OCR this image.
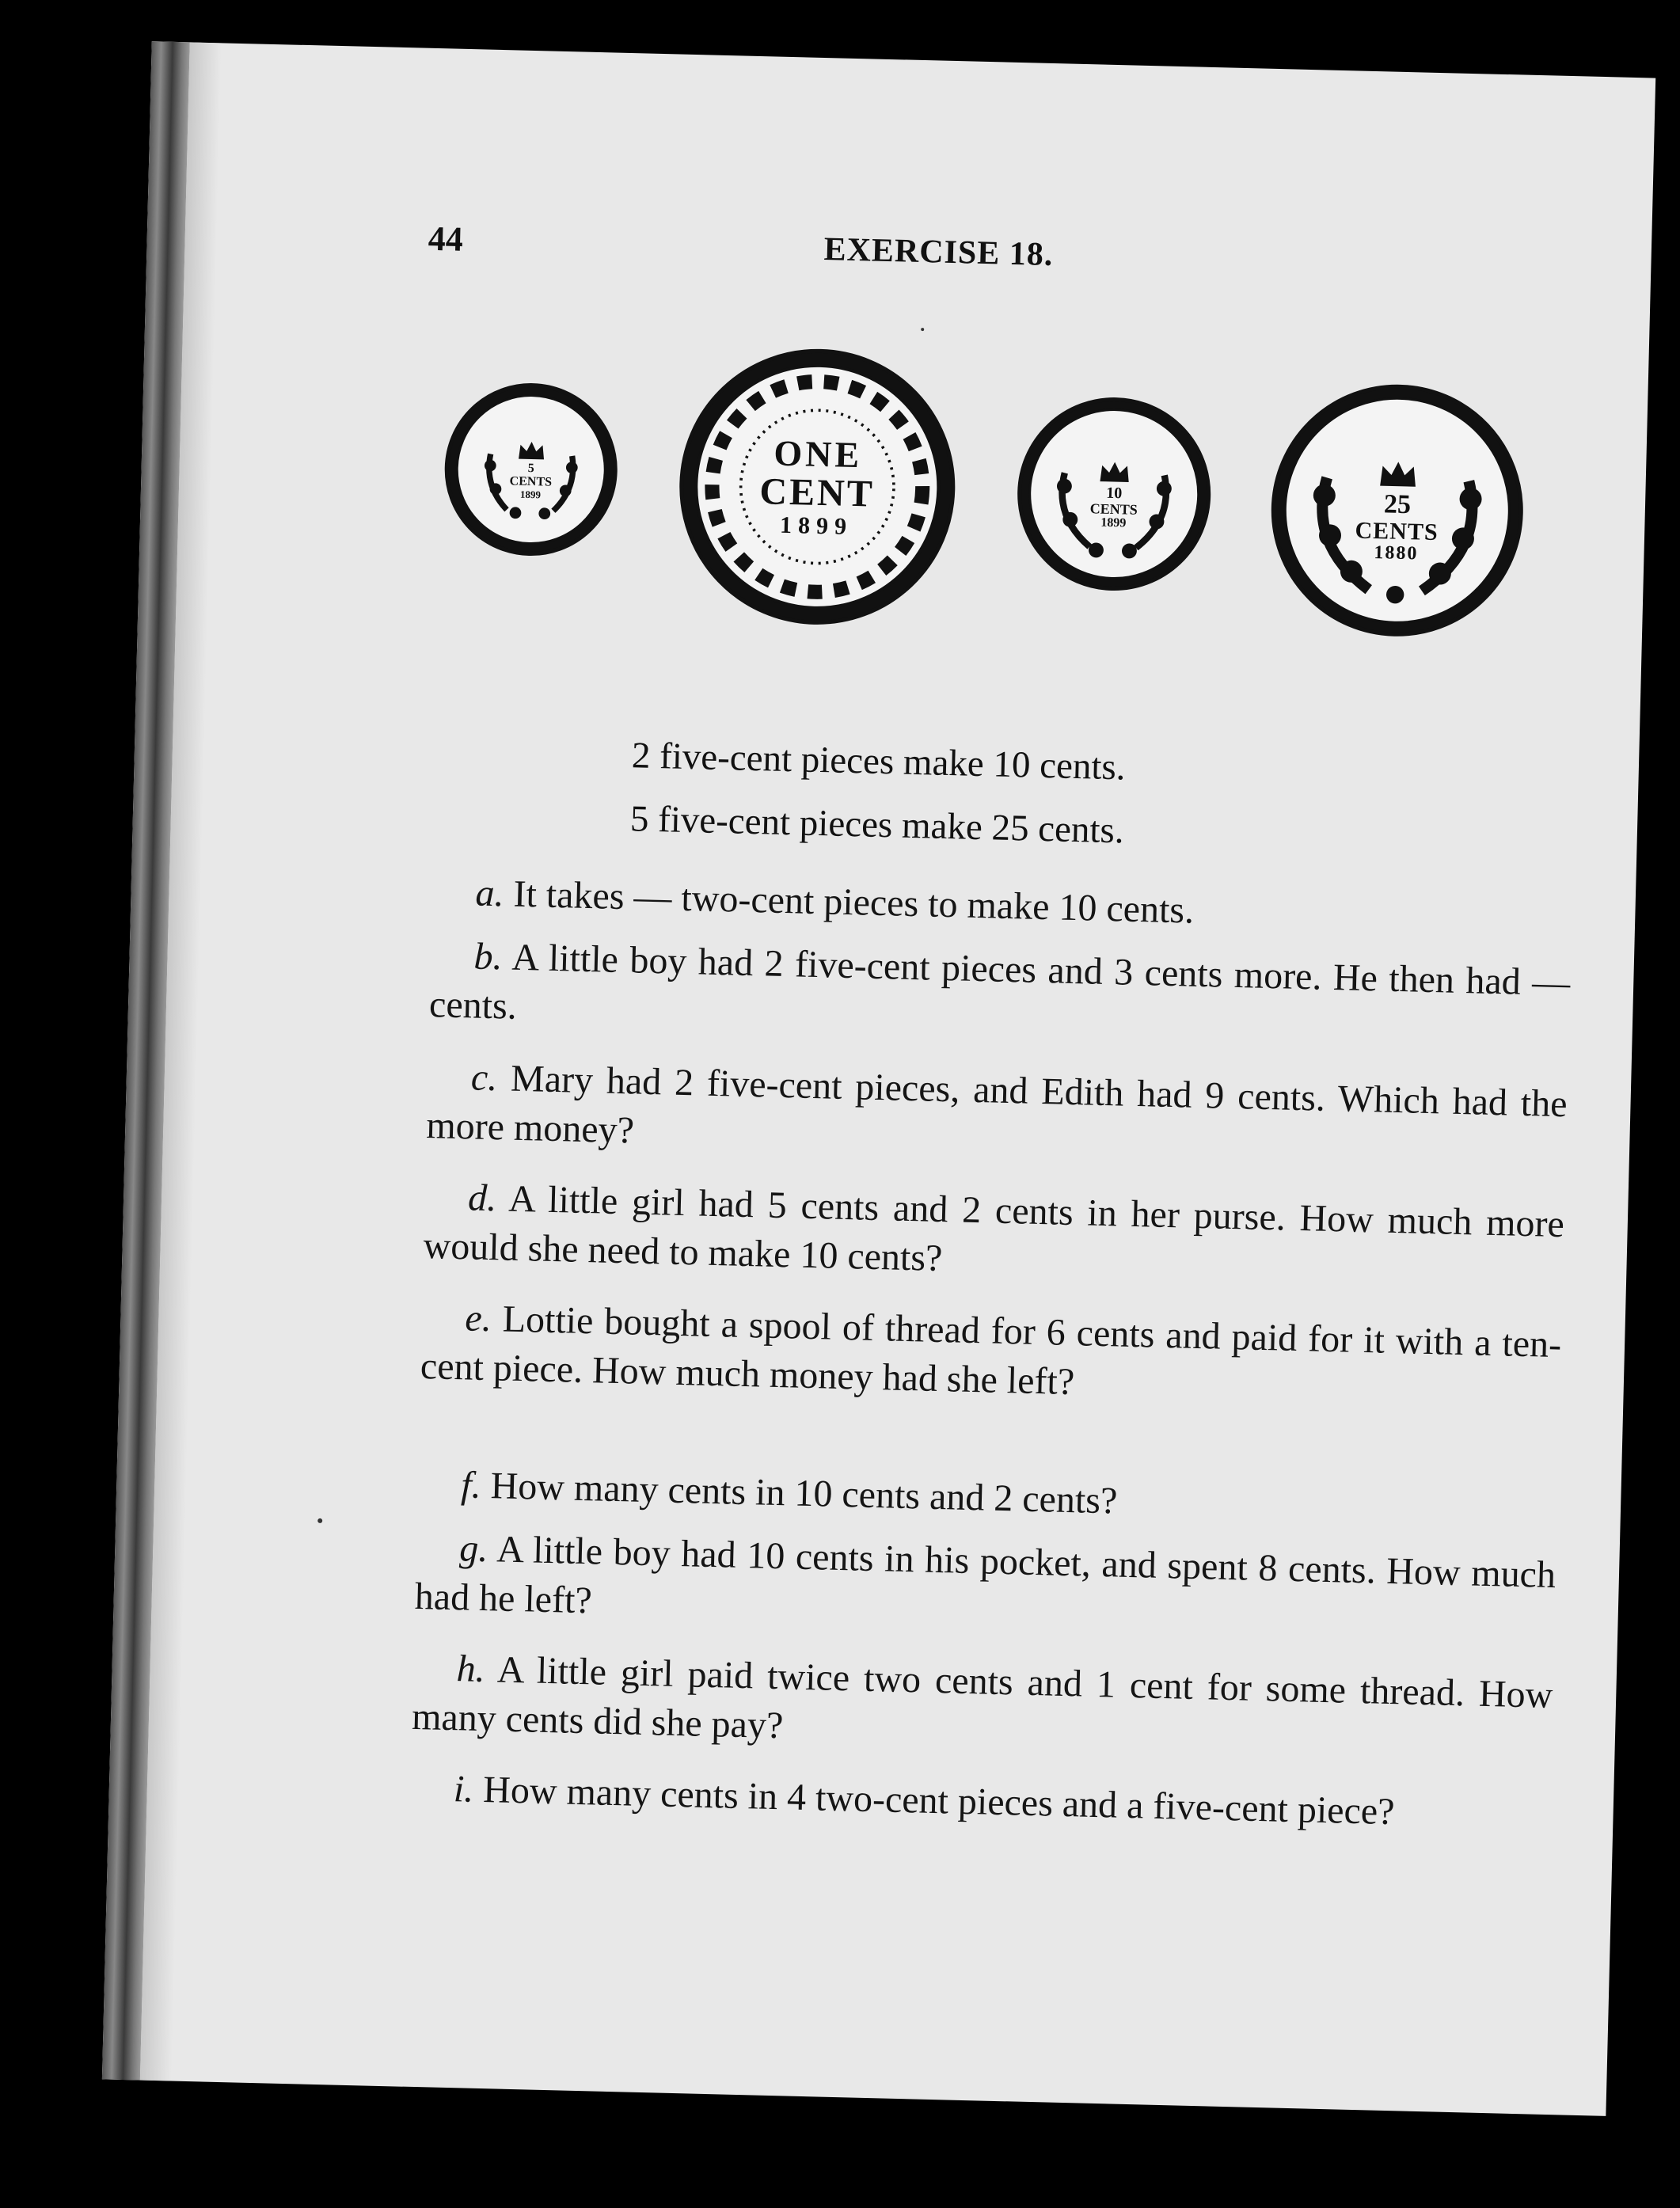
44	EXERCISE 18.
5
CENTS
1899
ONE
CENT
1899
10
CENTS
1899
25
CENTS
1880
2 five-cent pieces make 10 cents.
5 five-cent pieces make 25 cents.
a. It takes — two-cent pieces to make 10 cents.
b. A little boy had 2 five-cent pieces and 3 cents more. He then had — cents.
c. Mary had 2 five-cent pieces, and Edith had 9 cents. Which had the more money?
d. A little girl had 5 cents and 2 cents in her purse. How much more would she need to make 10 cents?
e. Lottie bought a spool of thread for 6 cents and paid for it with a ten-cent piece. How much money had she left?
f. How many cents in 10 cents and 2 cents?
g. A little boy had 10 cents in his pocket, and spent 8 cents. How much had he left?
h. A little girl paid twice two cents and 1 cent for some thread. How many cents did she pay?
i. How many cents in 4 two-cent pieces and a five-cent piece?
